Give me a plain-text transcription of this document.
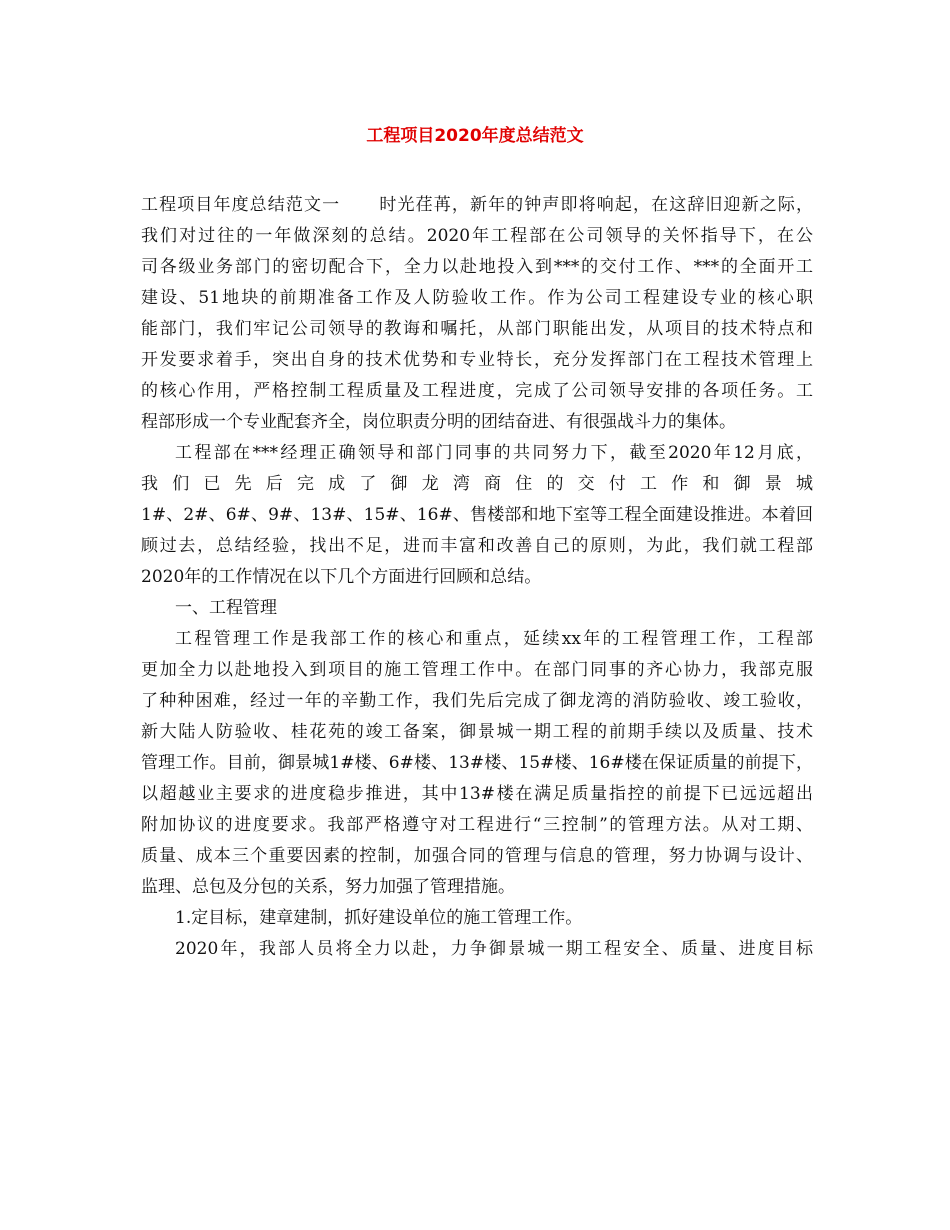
工程项目2020年度总结范文
工程项目年度总结范文一 时光荏苒，新年的钟声即将响起，在这辞旧迎新之际，
我们对过往的一年做深刻的总结。2020年工程部在公司领导的关怀指导下，在公
司各级业务部门的密切配合下，全力以赴地投入到***的交付工作、***的全面开工
建设、51地块的前期准备工作及人防验收工作。作为公司工程建设专业的核心职
能部门，我们牢记公司领导的教诲和嘱托，从部门职能出发，从项目的技术特点和
开发要求着手，突出自身的技术优势和专业特长，充分发挥部门在工程技术管理上
的核心作用，严格控制工程质量及工程进度，完成了公司领导安排的各项任务。工
程部形成一个专业配套齐全，岗位职责分明的团结奋进、有很强战斗力的集体。
工程部在***经理正确领导和部门同事的共同努力下，截至2020年12月底，
我们已先后完成了御龙湾商住的交付工作和御景城
1#、2#、6#、9#、13#、15#、16#、售楼部和地下室等工程全面建设推进。本着回
顾过去，总结经验，找出不足，进而丰富和改善自己的原则，为此，我们就工程部
2020年的工作情况在以下几个方面进行回顾和总结。
一、工程管理
工程管理工作是我部工作的核心和重点，延续xx年的工程管理工作，工程部
更加全力以赴地投入到项目的施工管理工作中。在部门同事的齐心协力，我部克服
了种种困难，经过一年的辛勤工作，我们先后完成了御龙湾的消防验收、竣工验收，
新大陆人防验收、桂花苑的竣工备案，御景城一期工程的前期手续以及质量、技术
管理工作。目前，御景城1#楼、6#楼、13#楼、15#楼、16#楼在保证质量的前提下，
以超越业主要求的进度稳步推进，其中13#楼在满足质量指控的前提下已远远超出
附加协议的进度要求。我部严格遵守对工程进行“三控制”的管理方法。从对工期、
质量、成本三个重要因素的控制，加强合同的管理与信息的管理，努力协调与设计、
监理、总包及分包的关系，努力加强了管理措施。
1.定目标，建章建制，抓好建设单位的施工管理工作。
2020年，我部人员将全力以赴，力争御景城一期工程安全、质量、进度目标
